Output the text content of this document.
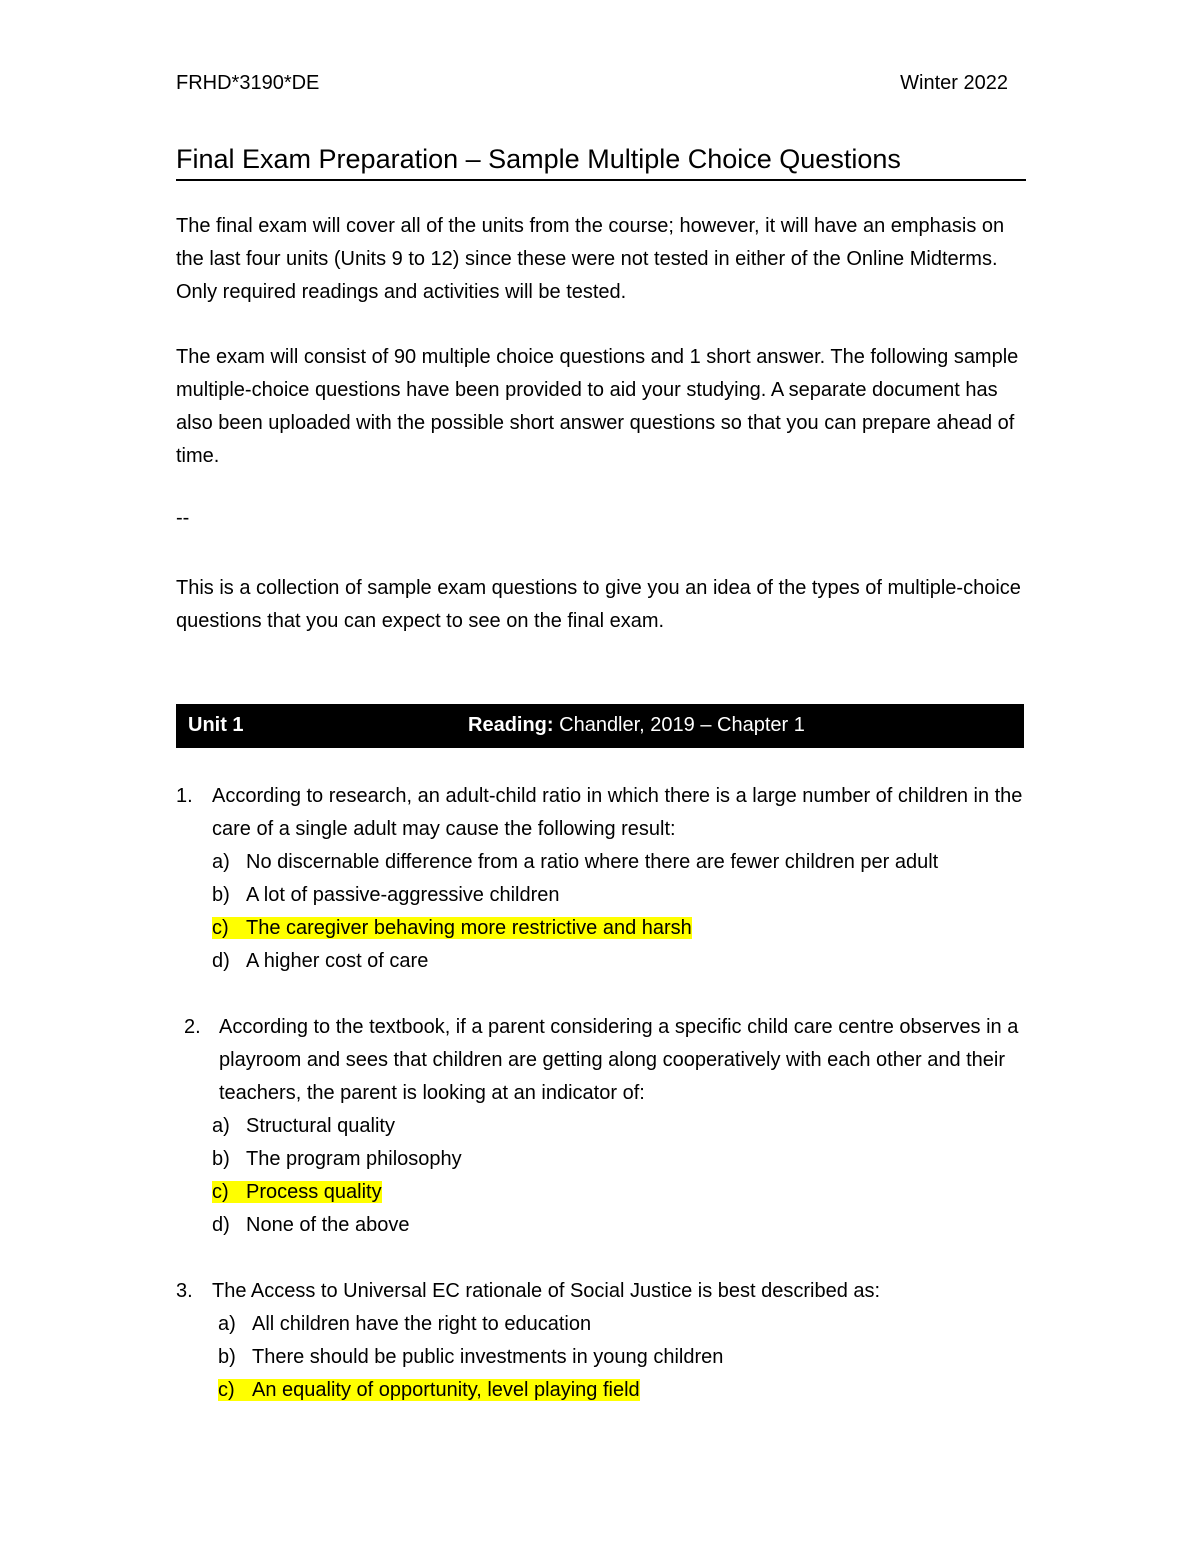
FRHD*3190*DE	Winter 2022
Final Exam Preparation – Sample Multiple Choice Questions

The final exam will cover all of the units from the course; however, it will have an emphasis on the last four units (Units 9 to 12) since these were not tested in either of the Online Midterms. Only required readings and activities will be tested.

The exam will consist of 90 multiple choice questions and 1 short answer. The following sample multiple-choice questions have been provided to aid your studying. A separate document has also been uploaded with the possible short answer questions so that you can prepare ahead of time.

--

This is a collection of sample exam questions to give you an idea of the types of multiple-choice questions that you can expect to see on the final exam.

Unit 1	Reading: Chandler, 2019 – Chapter 1
1. According to research, an adult-child ratio in which there is a large number of children in the care of a single adult may cause the following result:
a) No discernable difference from a ratio where there are fewer children per adult
b) A lot of passive-aggressive children
c) The caregiver behaving more restrictive and harsh
d) A higher cost of care
2. According to the textbook, if a parent considering a specific child care centre observes in a playroom and sees that children are getting along cooperatively with each other and their teachers, the parent is looking at an indicator of:
a) Structural quality
b) The program philosophy
c) Process quality
d) None of the above
3. The Access to Universal EC rationale of Social Justice is best described as:
a) All children have the right to education
b) There should be public investments in young children
c) An equality of opportunity, level playing field
